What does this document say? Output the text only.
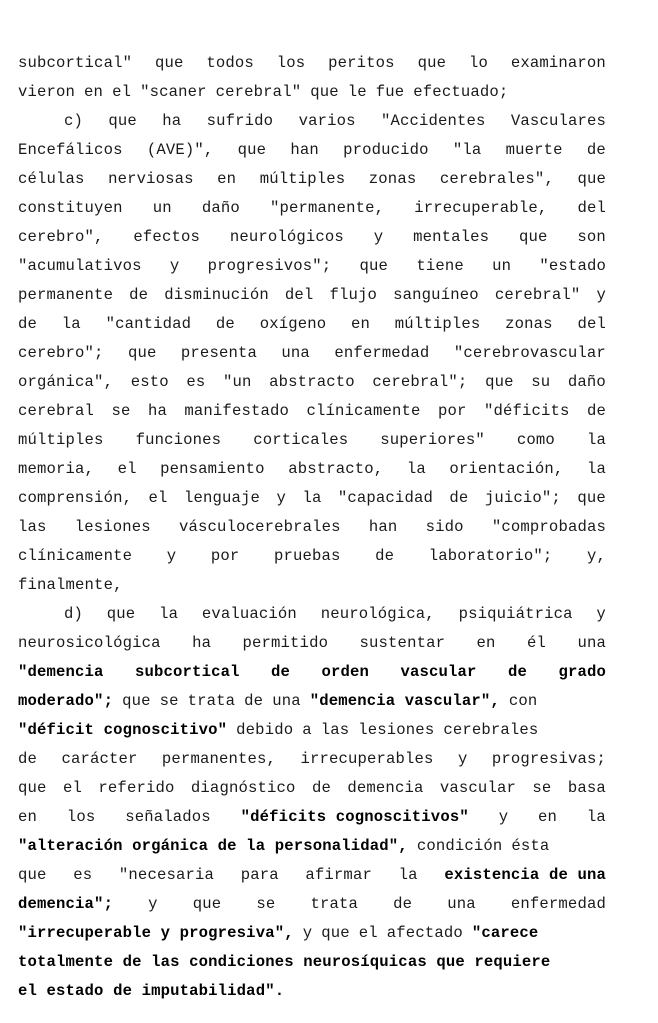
subcortical" que todos los peritos que lo examinaron
vieron en el "scaner cerebral" que le fue efectuado;
c) que ha sufrido varios "Accidentes Vasculares
Encefálicos (AVE)", que han producido "la muerte de
células nerviosas en múltiples zonas cerebrales", que
constituyen un daño "permanente, irrecuperable, del
cerebro", efectos neurológicos y mentales que son
"acumulativos y progresivos"; que tiene un "estado
permanente de disminución del flujo sanguíneo cerebral" y
de la "cantidad de oxígeno en múltiples zonas del
cerebro"; que presenta una enfermedad "cerebrovascular
orgánica", esto es "un abstracto cerebral"; que su daño
cerebral se ha manifestado clínicamente por "déficits de
múltiples funciones corticales superiores" como la
memoria, el pensamiento abstracto, la orientación, la
comprensión, el lenguaje y la "capacidad de juicio"; que
las lesiones vásculocerebrales han sido "comprobadas
clínicamente y por pruebas de laboratorio"; y,
finalmente,
d) que la evaluación neurológica, psiquiátrica y
neurosicológica ha permitido sustentar en él una
"demencia subcortical de orden vascular de grado
moderado"; que se trata de una "demencia vascular", con
"déficit cognoscitivo" debido a las lesiones cerebrales
de carácter permanentes, irrecuperables y progresivas;
que el referido diagnóstico de demencia vascular se basa
en los señalados "déficits cognoscitivos" y en la
"alteración orgánica de la personalidad", condición ésta
que es "necesaria para afirmar la existencia de una
demencia"; y que se trata de una enfermedad
"irrecuperable y progresiva", y que el afectado "carece
totalmente de las condiciones neurosíquicas que requiere
el estado de imputabilidad".
